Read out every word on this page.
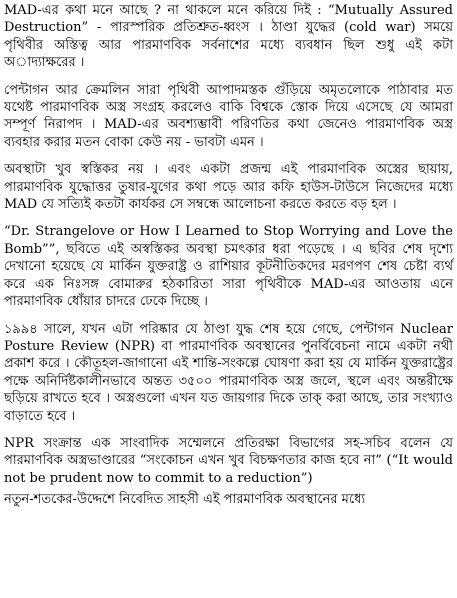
MAD-এর কথা মনে আছে ? না থাকলে মনে করিয়ে দিই : “Mutually Assured Destruction” - পারস্পরিক প্রতিশ্রুত-ধ্বংস । ঠাণ্ডা যুদ্ধের (cold war) সময়ে পৃথিবীর অস্তিত্ব আর পারমাণবিক সর্বনাশের মধ্যে ব্যবধান ছিল শুধু এই কটা অাদ্যাক্ষরের ।

পেন্টাগন আর ক্রেমলিন সারা পৃথিবী আপাদমস্তক গুঁড়িয়ে অমৃতলোকে পাঠাবার মত যথেষ্ট পারমাণবিক অস্ত্র সংগ্রহ করলেও বাকি বিশ্বকে স্তোক দিয়ে এসেছে যে আমরা সম্পূর্ণ নিরাপদ । MAD-এর অবশ্যম্ভাবী পরিণতির কথা জেনেও পারমাণবিক অস্ত্র ব্যবহার করার মতন বোকা কেউ নয় - ভাবটা এমন ।

অবস্থাটা খুব স্বস্তিকর নয় । এবং একটা প্রজন্ম এই পারমাণবিক অস্ত্রের ছায়ায়, পারমাণবিক যুদ্ধোত্তর তুষার-যুগের কথা পড়ে আর কফি হাউস-টাউসে নিজেদের মধ্যে MAD যে সত্যিই কতটা কার্যকর সে সম্বন্ধে আলোচনা করতে করতে বড় হল ।

“Dr. Strangelove or How I Learned to Stop Worrying and Love the Bomb””, ছবিতে এই অস্বস্তিকর অবস্থা চমৎকার ধরা পড়েছে । এ ছবির শেষ দৃশ্যে দেখানো হয়েছে যে মার্কিন যুক্তরাষ্ট্র ও রাশিয়ার কূটনীতিকদের মরণপণ শেষ চেষ্টা ব্যর্থ করে এক নিঃসঙ্গ বোমারুর হঠকারিতা সারা পৃথিবীকে MAD-এর আওতায় এনে পারমাণবিক ধোঁয়ার চাদরে ঢেকে দিচ্ছে ।

১৯৯৪ সালে, যখন এটা পরিষ্কার যে ঠাণ্ডা যুদ্ধ শেষ হয়ে গেছে, পেন্টাগন Nuclear Posture Review (NPR) বা পারমাণবিক অবস্থানের পুনর্বিবেচনা নামে একটা নথী প্রকাশ করে । কৌতূহল-জাগানো এই শান্তি-সংকল্পে ঘোষণা করা হয় যে মার্কিন যুক্তরাষ্ট্রের পক্ষে অনির্দিষ্টকালীনভাবে অন্তত ৩৫০০ পারমাণবিক অস্ত্র জলে, স্থলে এবং অন্তরীক্ষে ছড়িয়ে রাখতে হবে । অস্ত্রগুলো এখন যত জায়গার দিকে তাক্ করা আছে, তার সংখ্যাও বাড়াতে হবে ।

NPR সংক্রান্ত এক সাংবাদিক সম্মেলনে প্রতিরক্ষা বিভাগের সহ-সচিব বলেন যে পারমাণবিক অস্ত্রভাণ্ডারের “সংকোচন এখন খুব বিচক্ষণতার কাজ হবে না” (“It would not be prudent now to commit to a reduction”)

নতুন-শতকের-উদ্দেশে নিবেদিত সাহসী এই পারমাণবিক অবস্থানের মধ্যে
